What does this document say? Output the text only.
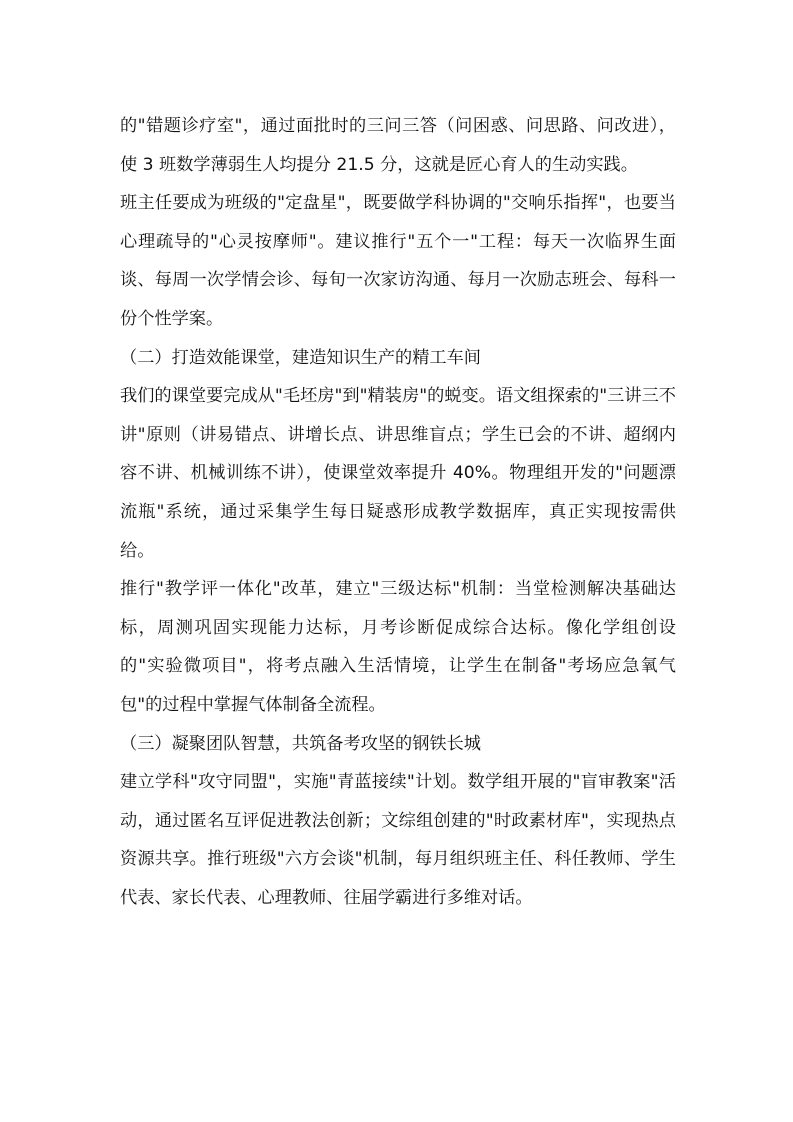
的"错题诊疗室"，通过面批时的三问三答（问困惑、问思路、问改进），使 3 班数学薄弱生人均提分 21.5 分，这就是匠心育人的生动实践。

班主任要成为班级的"定盘星"，既要做学科协调的"交响乐指挥"，也要当心理疏导的"心灵按摩师"。建议推行"五个一"工程：每天一次临界生面谈、每周一次学情会诊、每旬一次家访沟通、每月一次励志班会、每科一份个性学案。

（二）打造效能课堂，建造知识生产的精工车间

我们的课堂要完成从"毛坯房"到"精装房"的蜕变。语文组探索的"三讲三不讲"原则（讲易错点、讲增长点、讲思维盲点；学生已会的不讲、超纲内容不讲、机械训练不讲），使课堂效率提升 40%。物理组开发的"问题漂流瓶"系统，通过采集学生每日疑惑形成教学数据库，真正实现按需供给。

推行"教学评一体化"改革，建立"三级达标"机制：当堂检测解决基础达标，周测巩固实现能力达标，月考诊断促成综合达标。像化学组创设的"实验微项目"，将考点融入生活情境，让学生在制备"考场应急氧气包"的过程中掌握气体制备全流程。

（三）凝聚团队智慧，共筑备考攻坚的钢铁长城

建立学科"攻守同盟"，实施"青蓝接续"计划。数学组开展的"盲审教案"活动，通过匿名互评促进教法创新；文综组创建的"时政素材库"，实现热点资源共享。推行班级"六方会谈"机制，每月组织班主任、科任教师、学生代表、家长代表、心理教师、往届学霸进行多维对话。
